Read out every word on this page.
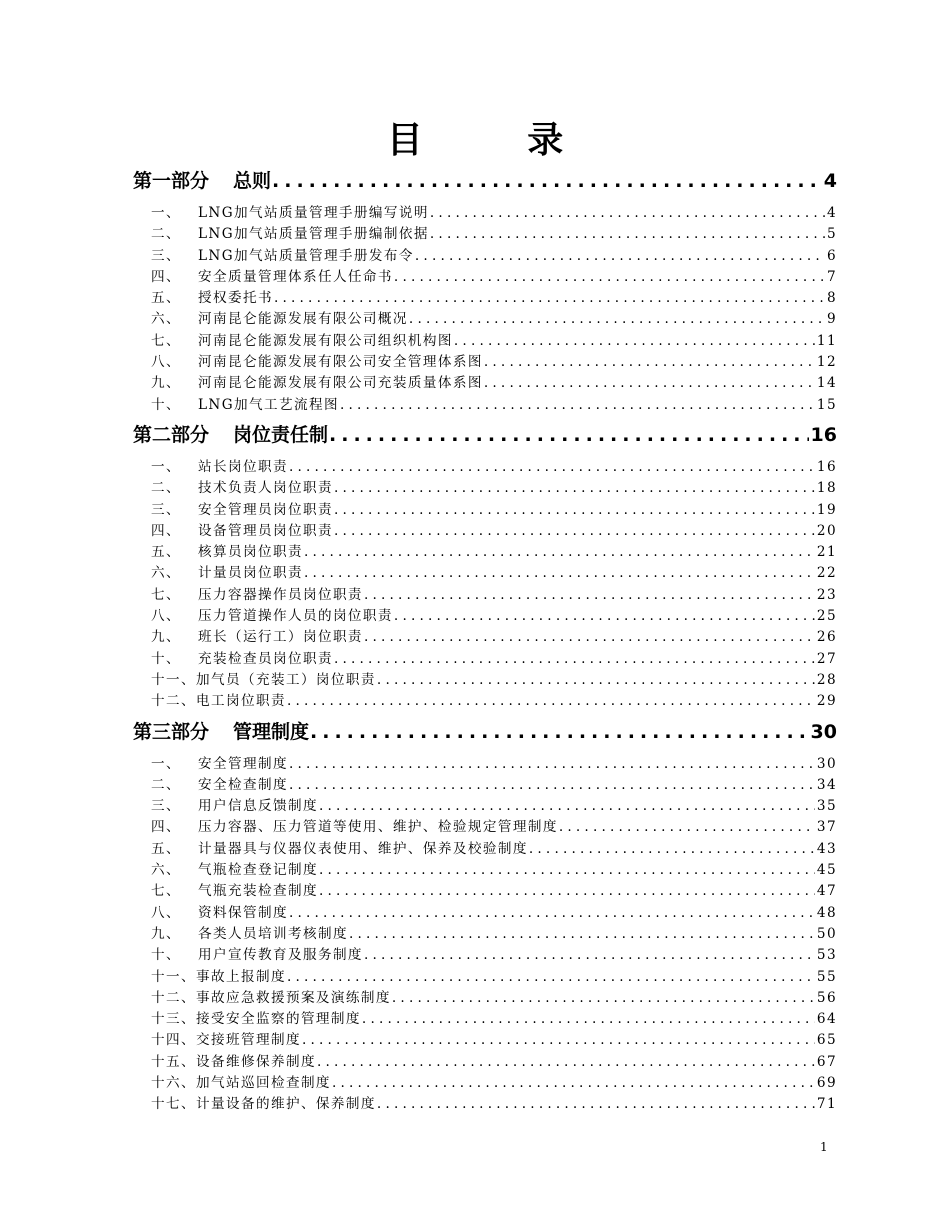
目 录
第一部分 总则 .....	4
一、	LNG加气站质量管理手册编写说明 .....	4
二、	LNG加气站质量管理手册编制依据 .....	5
三、	LNG加气站质量管理手册发布令 .....	6
四、	安全质量管理体系任人任命书 .....	7
五、	授权委托书 .....	8
六、	河南昆仑能源发展有限公司概况 .....	9
七、	河南昆仑能源发展有限公司组织机构图 .....	11
八、	河南昆仑能源发展有限公司安全管理体系图 .....	12
九、	河南昆仑能源发展有限公司充装质量体系图 .....	14
十、	LNG加气工艺流程图 .....	15
第二部分 岗位责任制 .....	16
一、	站长岗位职责 .....	16
二、	技术负责人岗位职责 .....	18
三、	安全管理员岗位职责 .....	19
四、	设备管理员岗位职责 .....	20
五、	核算员岗位职责 .....	21
六、	计量员岗位职责 .....	22
七、	压力容器操作员岗位职责 .....	23
八、	压力管道操作人员的岗位职责 .....	25
九、	班长（运行工）岗位职责 .....	26
十、	充装检查员岗位职责 .....	27
十一、 加气员（充装工）岗位职责 .....	28
十二、 电工岗位职责 .....	29
第三部分 管理制度 .....	30
一、	安全管理制度 .....	30
二、	安全检查制度 .....	34
三、	用户信息反馈制度 .....	35
四、	压力容器、压力管道等使用、维护、检验规定管理制度 .....	37
五、	计量器具与仪器仪表使用、维护、保养及校验制度 .....	43
六、	气瓶检查登记制度 .....	45
七、	气瓶充装检查制度 .....	47
八、	资料保管制度 .....	48
九、	各类人员培训考核制度 .....	50
十、	用户宣传教育及服务制度 .....	53
十一、 事故上报制度 .....	55
十二、 事故应急救援预案及演练制度 .....	56
十三、 接受安全监察的管理制度 .....	64
十四、 交接班管理制度 .....	65
十五、 设备维修保养制度 .....	67
十六、 加气站巡回检查制度 .....	69
十七、 计量设备的维护、保养制度 .....	71
1
